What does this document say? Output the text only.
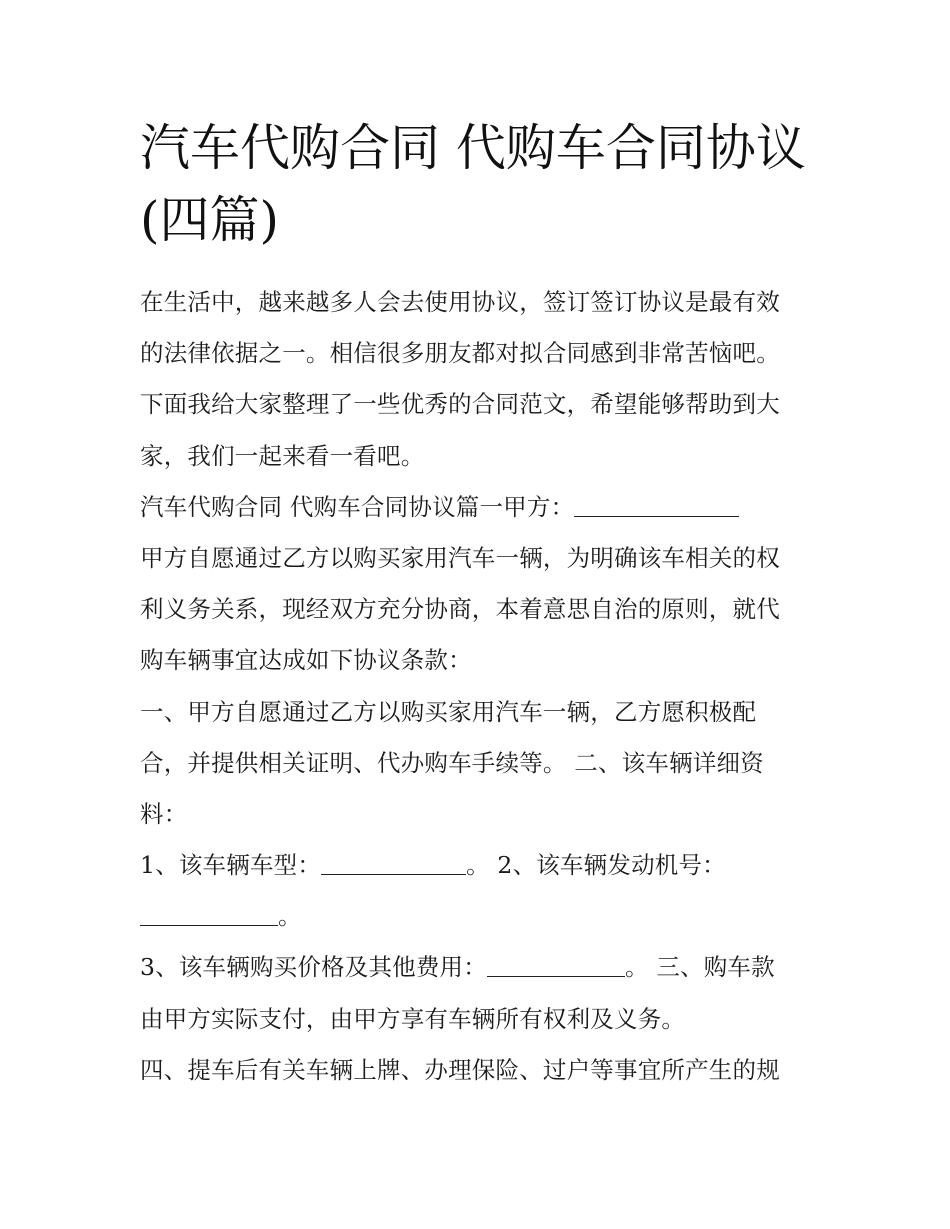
汽车代购合同 代购车合同协议
(四篇)
在生活中，越来越多人会去使用协议，签订签订协议是最有效
的法律依据之一。相信很多朋友都对拟合同感到非常苦恼吧。
下面我给大家整理了一些优秀的合同范文，希望能够帮助到大
家，我们一起来看一看吧。
汽车代购合同 代购车合同协议篇一甲方：
甲方自愿通过乙方以购买家用汽车一辆，为明确该车相关的权
利义务关系，现经双方充分协商，本着意思自治的原则，就代
购车辆事宜达成如下协议条款：
一、甲方自愿通过乙方以购买家用汽车一辆，乙方愿积极配
合，并提供相关证明、代办购车手续等。 二、该车辆详细资
料：
1、该车辆车型：	。 2、该车辆发动机号：
。
3、该车辆购买价格及其他费用：	。 三、购车款
由甲方实际支付，由甲方享有车辆所有权利及义务。
四、提车后有关车辆上牌、办理保险、过户等事宜所产生的规
